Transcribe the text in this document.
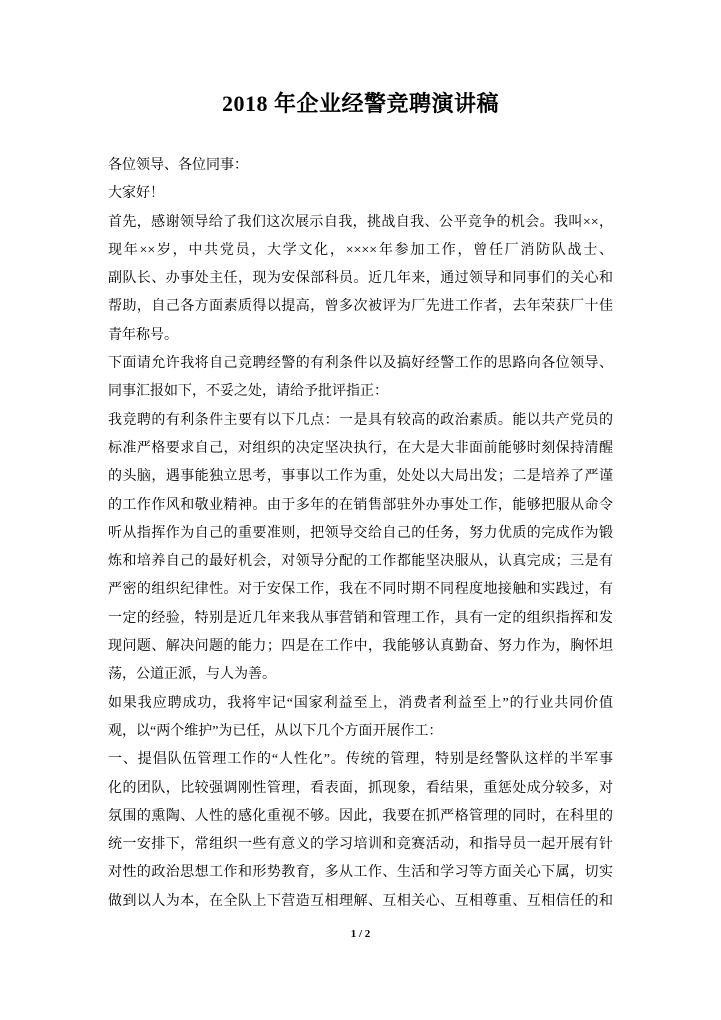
2018 年企业经警竞聘演讲稿
各位领导、各位同事：
大家好！
首先，感谢领导给了我们这次展示自我，挑战自我、公平竞争的机会。我叫××，
现年××岁，中共党员，大学文化，××××年参加工作，曾任厂消防队战士、
副队长、办事处主任，现为安保部科员。近几年来，通过领导和同事们的关心和
帮助，自己各方面素质得以提高，曾多次被评为厂先进工作者，去年荣获厂十佳
青年称号。
下面请允许我将自己竞聘经警的有利条件以及搞好经警工作的思路向各位领导、
同事汇报如下，不妥之处，请给予批评指正：
我竞聘的有利条件主要有以下几点：一是具有较高的政治素质。能以共产党员的
标准严格要求自己，对组织的决定坚决执行，在大是大非面前能够时刻保持清醒
的头脑，遇事能独立思考，事事以工作为重，处处以大局出发；二是培养了严谨
的工作作风和敬业精神。由于多年的在销售部驻外办事处工作，能够把服从命令
听从指挥作为自己的重要准则，把领导交给自己的任务，努力优质的完成作为锻
炼和培养自己的最好机会，对领导分配的工作都能坚决服从，认真完成；三是有
严密的组织纪律性。对于安保工作，我在不同时期不同程度地接触和实践过，有
一定的经验，特别是近几年来我从事营销和管理工作，具有一定的组织指挥和发
现问题、解决问题的能力；四是在工作中，我能够认真勤奋、努力作为，胸怀坦
荡，公道正派，与人为善。
如果我应聘成功，我将牢记“国家利益至上，消费者利益至上”的行业共同价值
观，以“两个维护”为已任，从以下几个方面开展作工：
一、提倡队伍管理工作的“人性化”。传统的管理，特别是经警队这样的半军事
化的团队，比较强调刚性管理，看表面，抓现象，看结果，重惩处成分较多，对
氛围的熏陶、人性的感化重视不够。因此，我要在抓严格管理的同时，在科里的
统一安排下，常组织一些有意义的学习培训和竞赛活动，和指导员一起开展有针
对性的政治思想工作和形势教育，多从工作、生活和学习等方面关心下属，切实
做到以人为本，在全队上下营造互相理解、互相关心、互相尊重、互相信任的和
1 / 2
